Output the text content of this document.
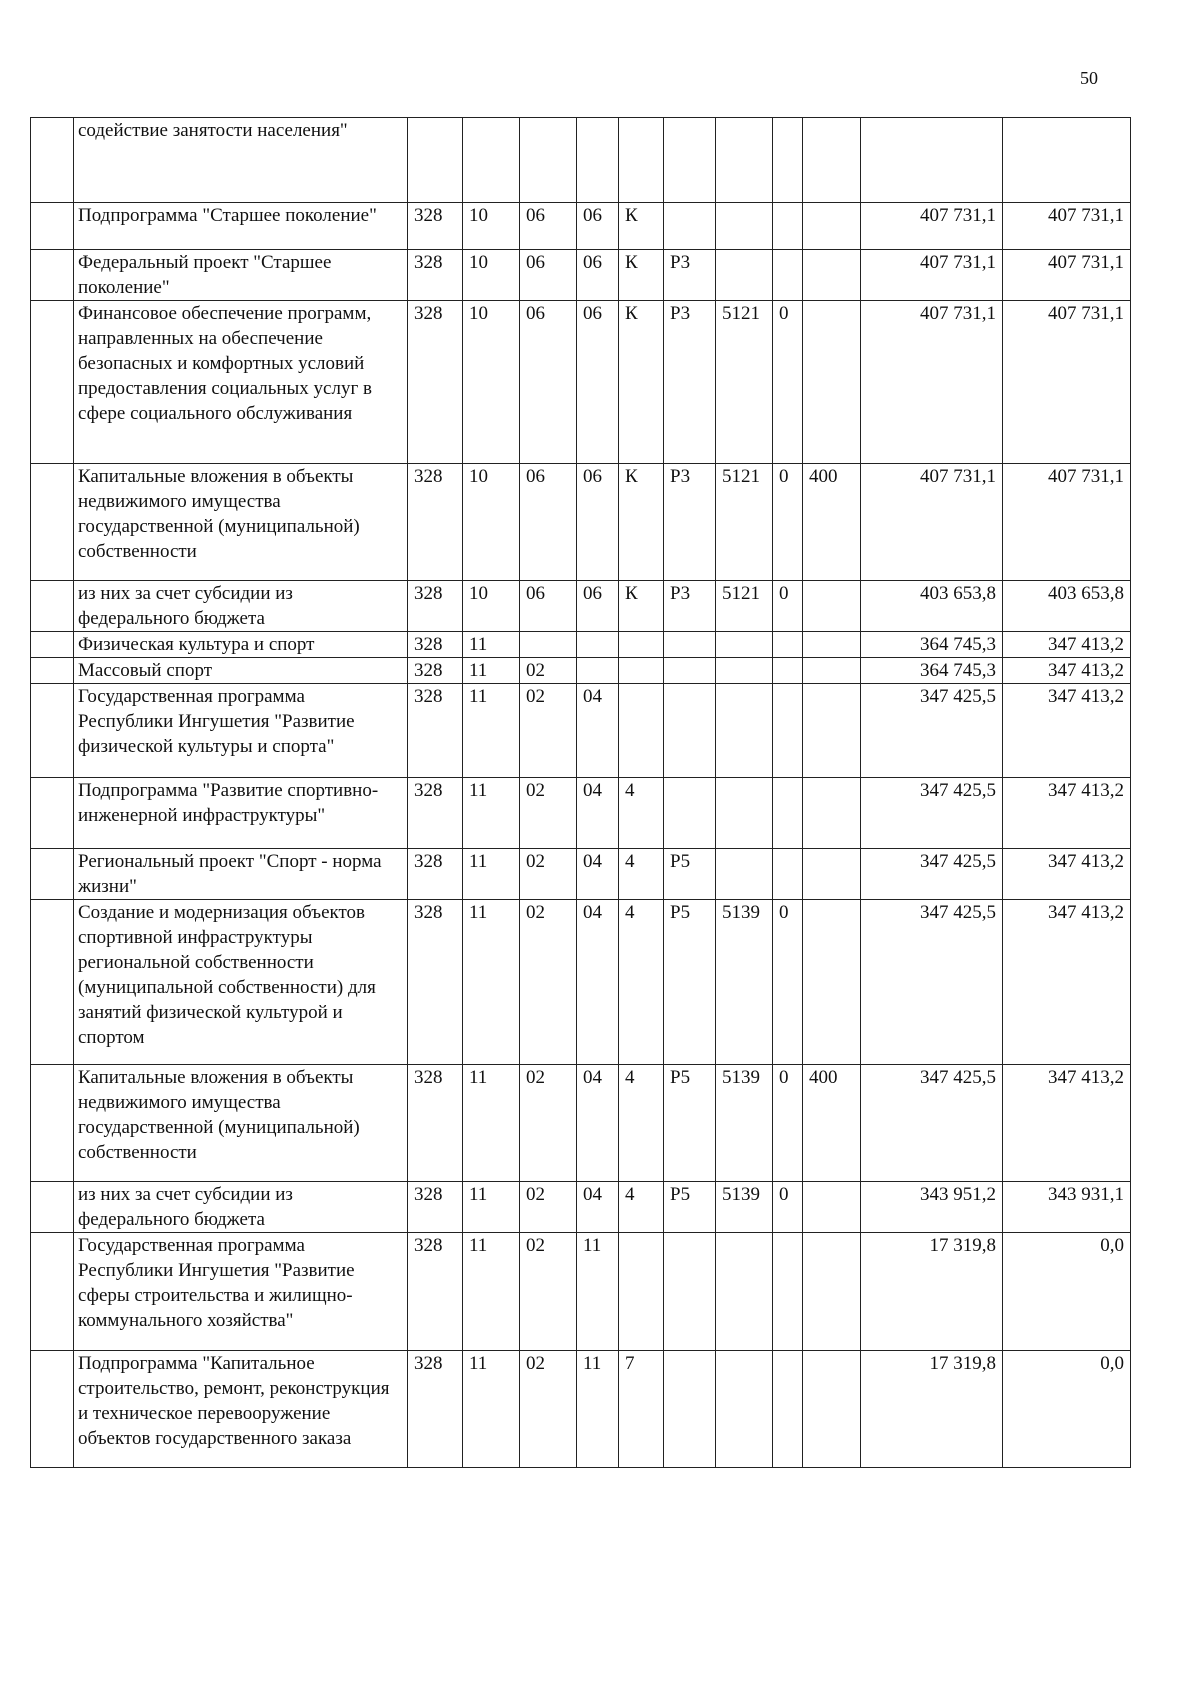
50
	содействие занятости населения"											
	Подпрограмма "Старшее поколение"	328	10	06	06	К					407 731,1	407 731,1
	Федеральный проект "Старшее поколение"	328	10	06	06	К	Р3				407 731,1	407 731,1
	Финансовое обеспечение программ, направленных на обеспечение безопасных и комфортных условий предоставления социальных услуг в сфере социального обслуживания	328	10	06	06	К	Р3	5121	0		407 731,1	407 731,1
	Капитальные вложения в объекты недвижимого имущества государственной (муниципальной) собственности	328	10	06	06	К	Р3	5121	0	400	407 731,1	407 731,1
	из них за счет субсидии из федерального бюджета	328	10	06	06	К	Р3	5121	0		403 653,8	403 653,8
	Физическая культура и спорт	328	11								364 745,3	347 413,2
	Массовый спорт	328	11	02							364 745,3	347 413,2
	Государственная программа Республики Ингушетия "Развитие физической культуры и спорта"	328	11	02	04						347 425,5	347 413,2
	Подпрограмма "Развитие спортивно-инженерной инфраструктуры"	328	11	02	04	4					347 425,5	347 413,2
	Региональный проект "Спорт - норма жизни"	328	11	02	04	4	Р5				347 425,5	347 413,2
	Создание и модернизация объектов спортивной инфраструктуры региональной собственности (муниципальной собственности) для занятий физической культурой и спортом	328	11	02	04	4	Р5	5139	0		347 425,5	347 413,2
	Капитальные вложения в объекты недвижимого имущества государственной (муниципальной) собственности	328	11	02	04	4	Р5	5139	0	400	347 425,5	347 413,2
	из них за счет субсидии из федерального бюджета	328	11	02	04	4	Р5	5139	0		343 951,2	343 931,1
	Государственная программа Республики Ингушетия "Развитие сферы строительства и жилищно-коммунального хозяйства"	328	11	02	11						17 319,8	0,0
	Подпрограмма "Капитальное строительство, ремонт, реконструкция и техническое перевооружение объектов государственного заказа	328	11	02	11	7					17 319,8	0,0
